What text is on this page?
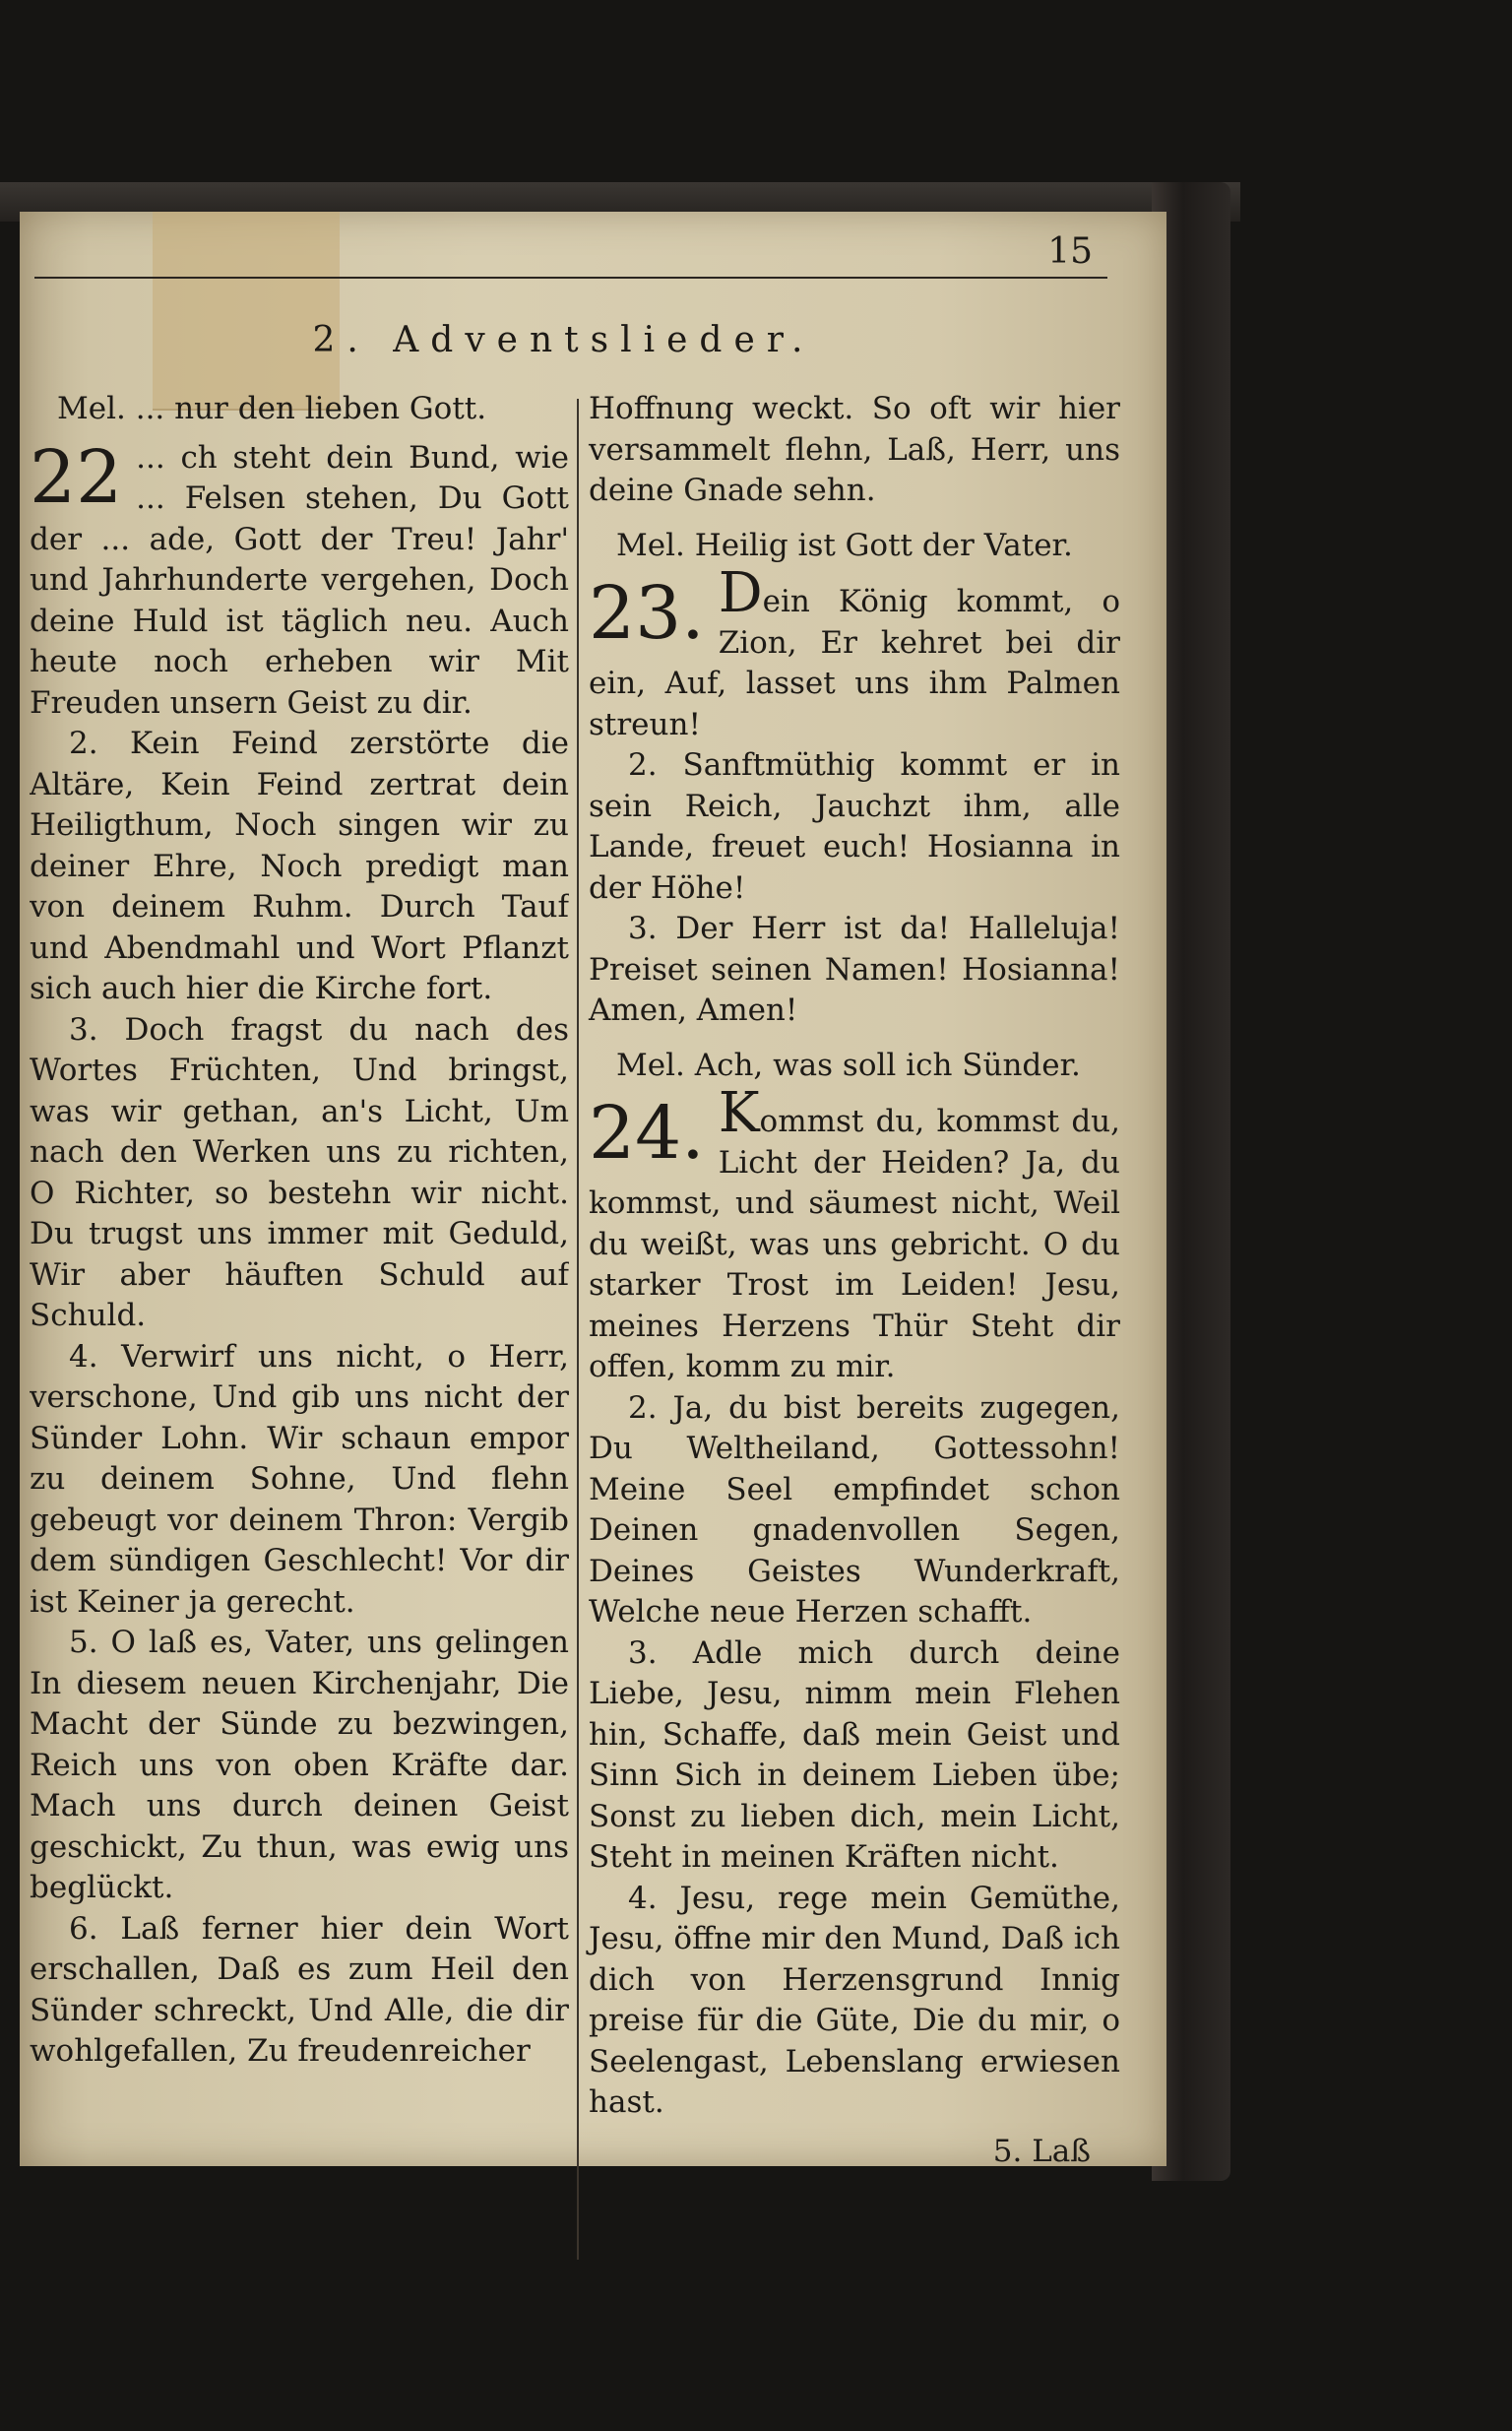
15
2. Adventslieder.
Mel. ... nur den lieben Gott.
22 ... ch steht dein Bund, wie ... Felsen stehen, Du Gott der ... ade, Gott der Treu! Jahr' und Jahrhunderte vergehen, Doch deine Huld ist täglich neu. Auch heute noch erheben wir Mit Freuden unsern Geist zu dir.
2. Kein Feind zerstörte die Altäre, Kein Feind zertrat dein Heiligthum, Noch singen wir zu deiner Ehre, Noch predigt man von deinem Ruhm. Durch Tauf und Abendmahl und Wort Pflanzt sich auch hier die Kirche fort.
3. Doch fragst du nach des Wortes Früchten, Und bringst, was wir gethan, an's Licht, Um nach den Werken uns zu richten, O Richter, so bestehn wir nicht. Du trugst uns immer mit Geduld, Wir aber häuften Schuld auf Schuld.
4. Verwirf uns nicht, o Herr, verschone, Und gib uns nicht der Sünder Lohn. Wir schaun empor zu deinem Sohne, Und flehn gebeugt vor deinem Thron: Vergib dem sündigen Geschlecht! Vor dir ist Keiner ja gerecht.
5. O laß es, Vater, uns gelingen In diesem neuen Kirchenjahr, Die Macht der Sünde zu bezwingen, Reich uns von oben Kräfte dar. Mach uns durch deinen Geist geschickt, Zu thun, was ewig uns beglückt.
6. Laß ferner hier dein Wort erschallen, Daß es zum Heil den Sünder schreckt, Und Alle, die dir wohlgefallen, Zu freudenreicher
Hoffnung weckt. So oft wir hier versammelt flehn, Laß, Herr, uns deine Gnade sehn.
Mel. Heilig ist Gott der Vater.
23. Dein König kommt, o Zion, Er kehret bei dir ein, Auf, lasset uns ihm Palmen streun!
2. Sanftmüthig kommt er in sein Reich, Jauchzt ihm, alle Lande, freuet euch! Hosianna in der Höhe!
3. Der Herr ist da! Halleluja! Preiset seinen Namen! Hosianna! Amen, Amen!
Mel. Ach, was soll ich Sünder.
24. Kommst du, kommst du, Licht der Heiden? Ja, du kommst, und säumest nicht, Weil du weißt, was uns gebricht. O du starker Trost im Leiden! Jesu, meines Herzens Thür Steht dir offen, komm zu mir.
2. Ja, du bist bereits zugegen, Du Weltheiland, Gottessohn! Meine Seel empfindet schon Deinen gnadenvollen Segen, Deines Geistes Wunderkraft, Welche neue Herzen schafft.
3. Adle mich durch deine Liebe, Jesu, nimm mein Flehen hin, Schaffe, daß mein Geist und Sinn Sich in deinem Lieben übe; Sonst zu lieben dich, mein Licht, Steht in meinen Kräften nicht.
4. Jesu, rege mein Gemüthe, Jesu, öffne mir den Mund, Daß ich dich von Herzensgrund Innig preise für die Güte, Die du mir, o Seelengast, Lebenslang erwiesen hast.
5. Laß
